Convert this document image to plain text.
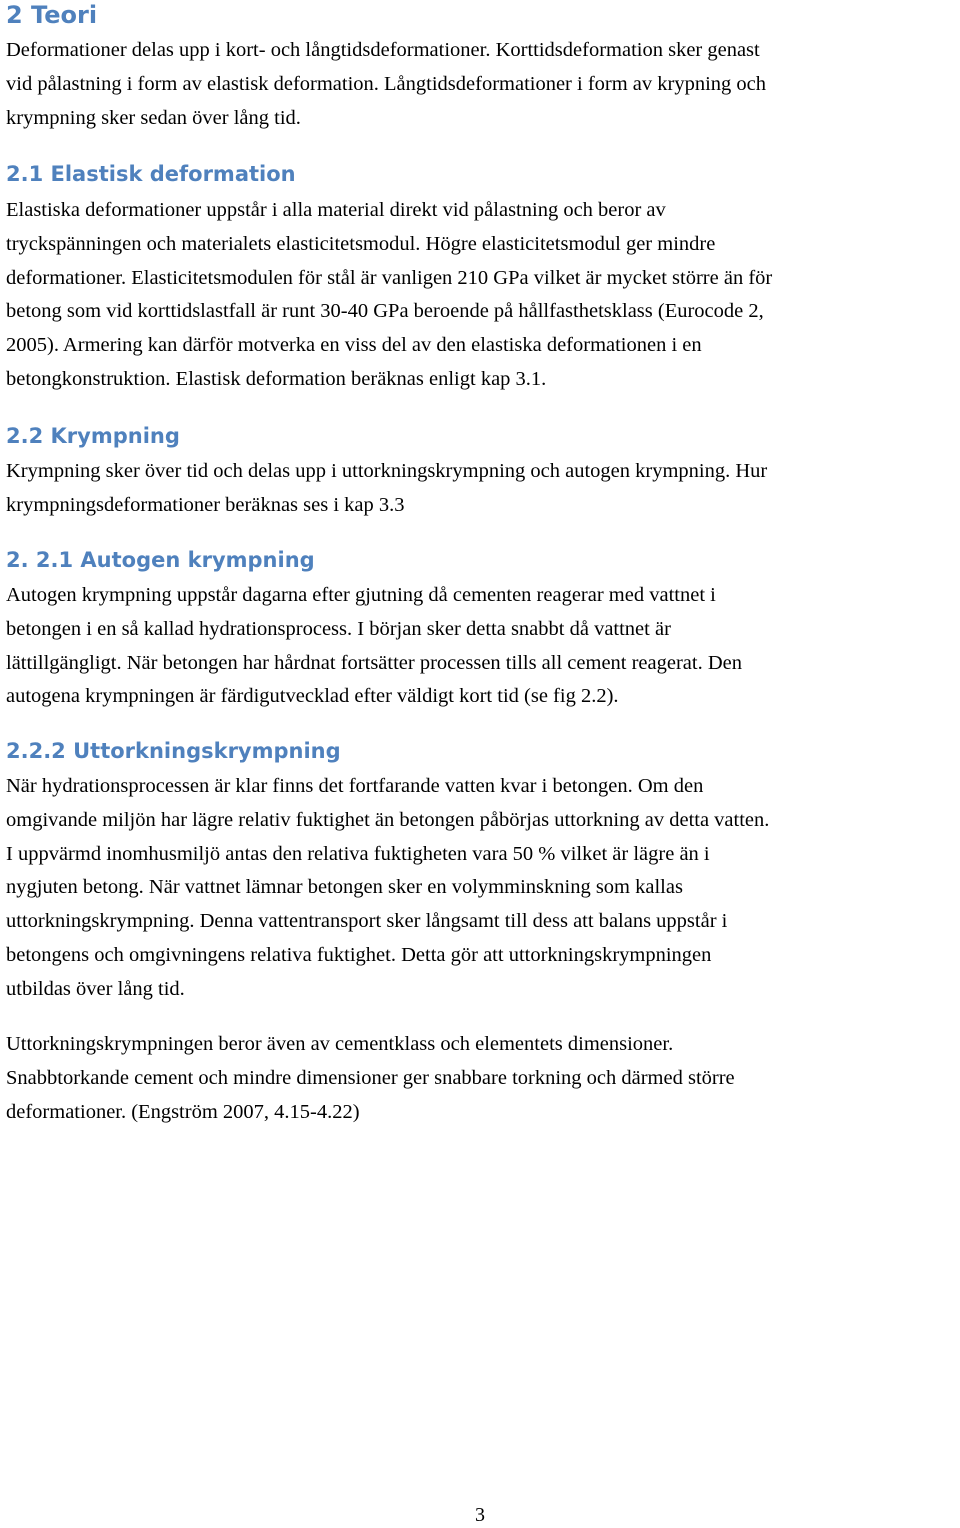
2 Teori

Deformationer delas upp i kort- och långtidsdeformationer. Korttidsdeformation sker genast
vid pålastning i form av elastisk deformation. Långtidsdeformationer i form av krypning och
krympning sker sedan över lång tid.

2.1 Elastisk deformation

Elastiska deformationer uppstår i alla material direkt vid pålastning och beror av
tryckspänningen och materialets elasticitetsmodul. Högre elasticitetsmodul ger mindre
deformationer. Elasticitetsmodulen för stål är vanligen 210 GPa vilket är mycket större än för
betong som vid korttidslastfall är runt 30-40 GPa beroende på hållfasthetsklass (Eurocode 2,
2005). Armering kan därför motverka en viss del av den elastiska deformationen i en
betongkonstruktion. Elastisk deformation beräknas enligt kap 3.1.

2.2 Krympning

Krympning sker över tid och delas upp i uttorkningskrympning och autogen krympning. Hur
krympningsdeformationer beräknas ses i kap 3.3

2. 2.1 Autogen krympning

Autogen krympning uppstår dagarna efter gjutning då cementen reagerar med vattnet i
betongen i en så kallad hydrationsprocess. I början sker detta snabbt då vattnet är
lättillgängligt. När betongen har hårdnat fortsätter processen tills all cement reagerat. Den
autogena krympningen är färdigutvecklad efter väldigt kort tid (se fig 2.2).

2.2.2 Uttorkningskrympning

När hydrationsprocessen är klar finns det fortfarande vatten kvar i betongen. Om den
omgivande miljön har lägre relativ fuktighet än betongen påbörjas uttorkning av detta vatten.
I uppvärmd inomhusmiljö antas den relativa fuktigheten vara 50 % vilket är lägre än i
nygjuten betong. När vattnet lämnar betongen sker en volymminskning som kallas
uttorkningskrympning. Denna vattentransport sker långsamt till dess att balans uppstår i
betongens och omgivningens relativa fuktighet. Detta gör att uttorkningskrympningen
utbildas över lång tid.

Uttorkningskrympningen beror även av cementklass och elementets dimensioner.
Snabbtorkande cement och mindre dimensioner ger snabbare torkning och därmed större
deformationer. (Engström 2007, 4.15-4.22)

3
